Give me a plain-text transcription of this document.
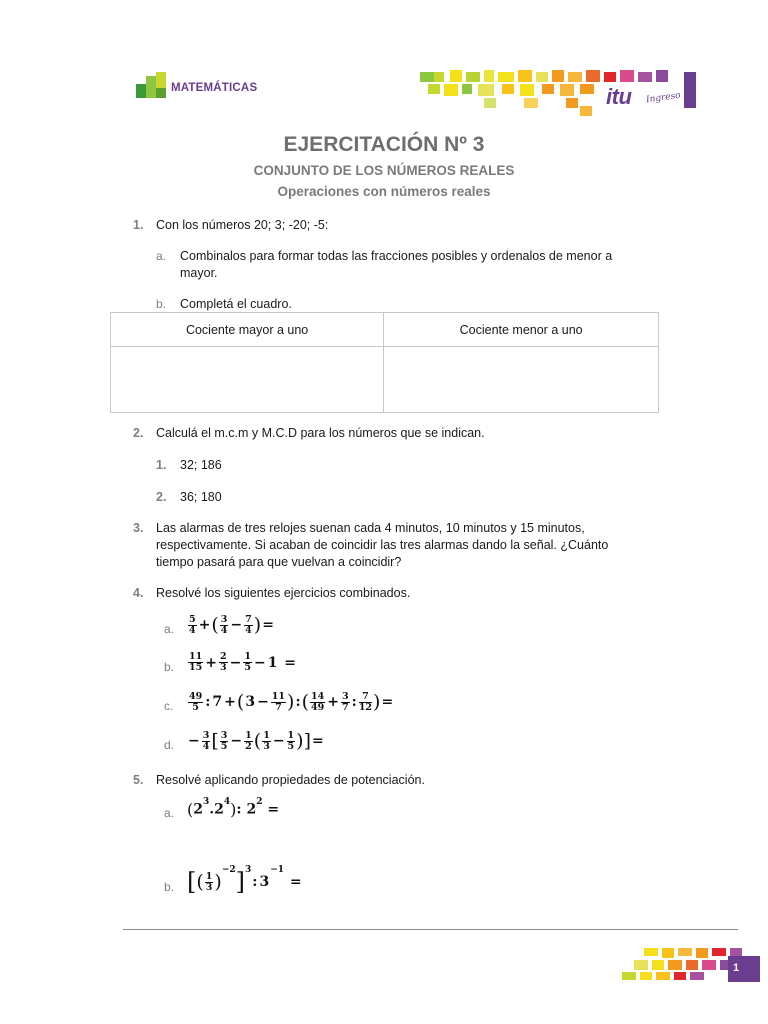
MATEMÁTICAS	itu Ingreso
EJERCITACIÓN Nº 3
CONJUNTO DE LOS NÚMEROS REALES
Operaciones con números reales
1. Con los números 20; 3; -20; -5:
a. Combinalos para formar todas las fracciones posibles y ordenalos de menor a
mayor.
b. Completá el cuadro.
Cociente mayor a uno	Cociente menor a uno

2. Calculá el m.c.m y M.C.D para los números que se indican.
1. 32; 186
2. 36; 180
3. Las alarmas de tres relojes suenan cada 4 minutos, 10 minutos y 15 minutos,
respectivamente. Si acaban de coincidir las tres alarmas dando la señal. ¿Cuánto
tiempo pasará para que vuelvan a coincidir?
4. Resolvé los siguientes ejercicios combinados.
a. $\frac{5}{4}$ +( $\frac{3}{4} - \frac{7}{4}$ )=
b. $\frac{11}{15} + \frac{2}{3} - \frac{1}{5} - 1$ =
c. $\frac{49}{5}$ : $7 +(3 - \frac{11}{7}$ ):( $\frac{14}{49} + \frac{3}{7}$ : $\frac{7}{12}$ )=
d. − $\frac{3}{4}$ [ $\frac{3}{5} - \frac{1}{2}$ ( $\frac{1}{3} - \frac{1}{5}$ )]=
5. Resolvé aplicando propiedades de potenciación.
a. $(2^3.2^4)$: $2^2$ =
b. [( $\frac{1}{3} )^{-2}]^3$: $3^{-1}$ =
1
